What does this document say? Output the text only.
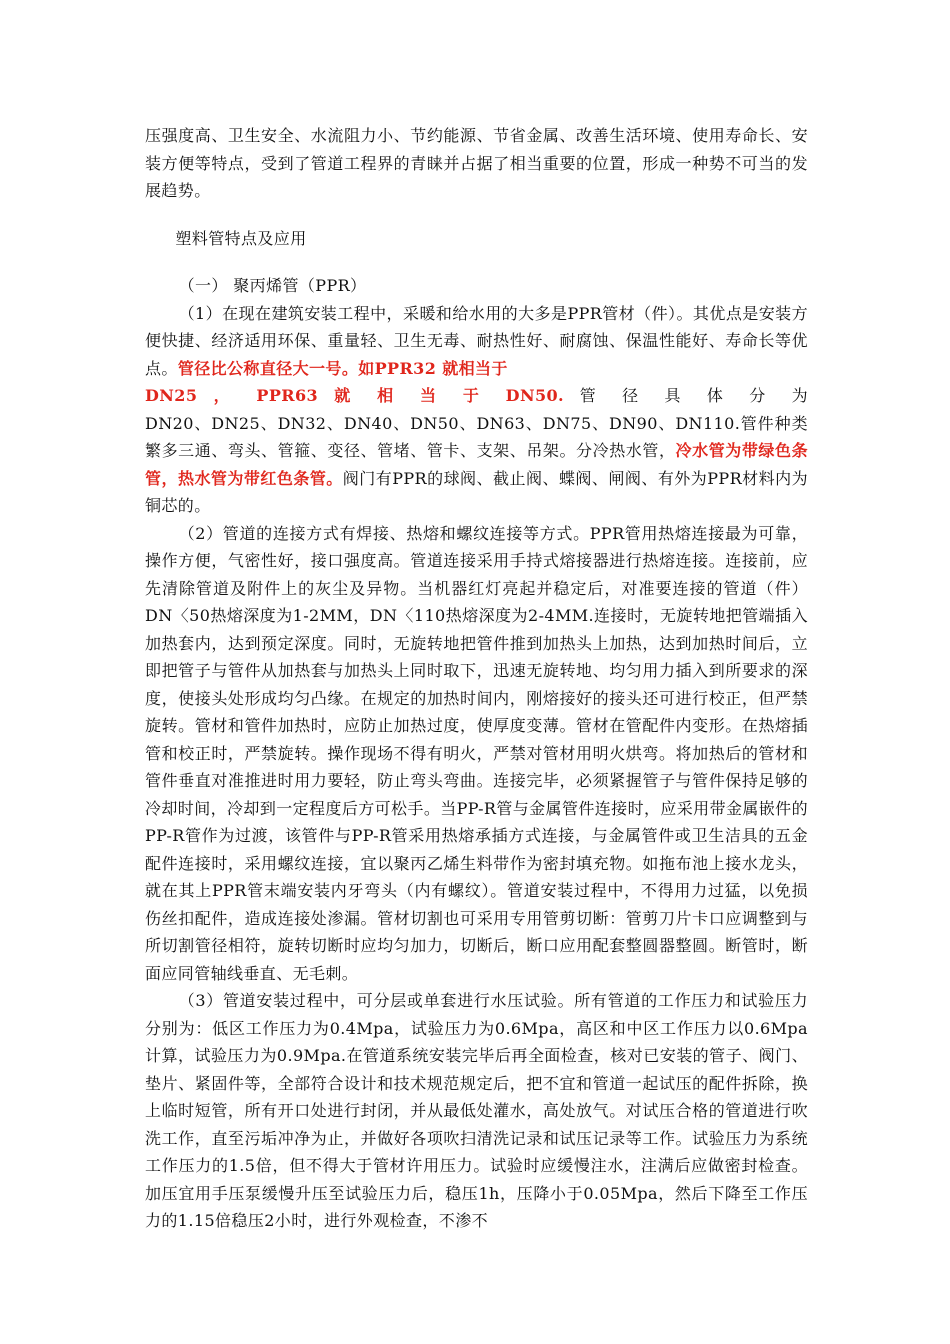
压强度高、卫生安全、水流阻力小、节约能源、节省金属、改善生活环境、使用寿命长、安装方便等特点，受到了管道工程界的青睐并占据了相当重要的位置，形成一种势不可当的发展趋势。

塑料管特点及应用

（一） 聚丙烯管（PPR）

（1）在现在建筑安装工程中，采暖和给水用的大多是PPR管材（件）。其优点是安装方便快捷、经济适用环保、重量轻、卫生无毒、耐热性好、耐腐蚀、保温性能好、寿命长等优点。管径比公称直径大一号。如PPR32 就相当于

DN25 ， PPR63 就 相 当 于 DN50. 管 径 具 体 分 为

DN20、DN25、DN32、DN40、DN50、DN63、DN75、DN90、DN110.管件种类繁多三通、弯头、管箍、变径、管堵、管卡、支架、吊架。分冷热水管，冷水管为带绿色条管，热水管为带红色条管。阀门有PPR的球阀、截止阀、蝶阀、闸阀、有外为PPR材料内为铜芯的。

（2）管道的连接方式有焊接、热熔和螺纹连接等方式。PPR管用热熔连接最为可靠，操作方便，气密性好，接口强度高。管道连接采用手持式熔接器进行热熔连接。连接前，应先清除管道及附件上的灰尘及异物。当机器红灯亮起并稳定后，对准要连接的管道（件）DN〈50热熔深度为1-2MM，DN〈110热熔深度为2-4MM.连接时，无旋转地把管端插入加热套内，达到预定深度。同时，无旋转地把管件推到加热头上加热，达到加热时间后，立即把管子与管件从加热套与加热头上同时取下，迅速无旋转地、均匀用力插入到所要求的深度，使接头处形成均匀凸缘。在规定的加热时间内，刚熔接好的接头还可进行校正，但严禁旋转。管材和管件加热时，应防止加热过度，使厚度变薄。管材在管配件内变形。在热熔插管和校正时，严禁旋转。操作现场不得有明火，严禁对管材用明火烘弯。将加热后的管材和管件垂直对准推进时用力要轻，防止弯头弯曲。连接完毕，必须紧握管子与管件保持足够的冷却时间，冷却到一定程度后方可松手。当PP-R管与金属管件连接时，应采用带金属嵌件的PP-R管作为过渡，该管件与PP-R管采用热熔承插方式连接，与金属管件或卫生洁具的五金配件连接时，采用螺纹连接，宜以聚丙乙烯生料带作为密封填充物。如拖布池上接水龙头，就在其上PPR管末端安装内牙弯头（内有螺纹）。管道安装过程中，不得用力过猛，以免损伤丝扣配件，造成连接处渗漏。管材切割也可采用专用管剪切断：管剪刀片卡口应调整到与所切割管径相符，旋转切断时应均匀加力，切断后，断口应用配套整圆器整圆。断管时，断面应同管轴线垂直、无毛刺。

（3）管道安装过程中，可分层或单套进行水压试验。所有管道的工作压力和试验压力分别为：低区工作压力为0.4Mpa，试验压力为0.6Mpa，高区和中区工作压力以0.6Mpa计算，试验压力为0.9Mpa.在管道系统安装完毕后再全面检查，核对已安装的管子、阀门、垫片、紧固件等，全部符合设计和技术规范规定后，把不宜和管道一起试压的配件拆除，换上临时短管，所有开口处进行封闭，并从最低处灌水，高处放气。对试压合格的管道进行吹洗工作，直至污垢冲净为止，并做好各项吹扫清洗记录和试压记录等工作。试验压力为系统工作压力的1.5倍，但不得大于管材许用压力。试验时应缓慢注水，注满后应做密封检查。加压宜用手压泵缓慢升压至试验压力后，稳压1h，压降小于0.05Mpa，然后下降至工作压力的1.15倍稳压2小时，进行外观检查，不渗不
